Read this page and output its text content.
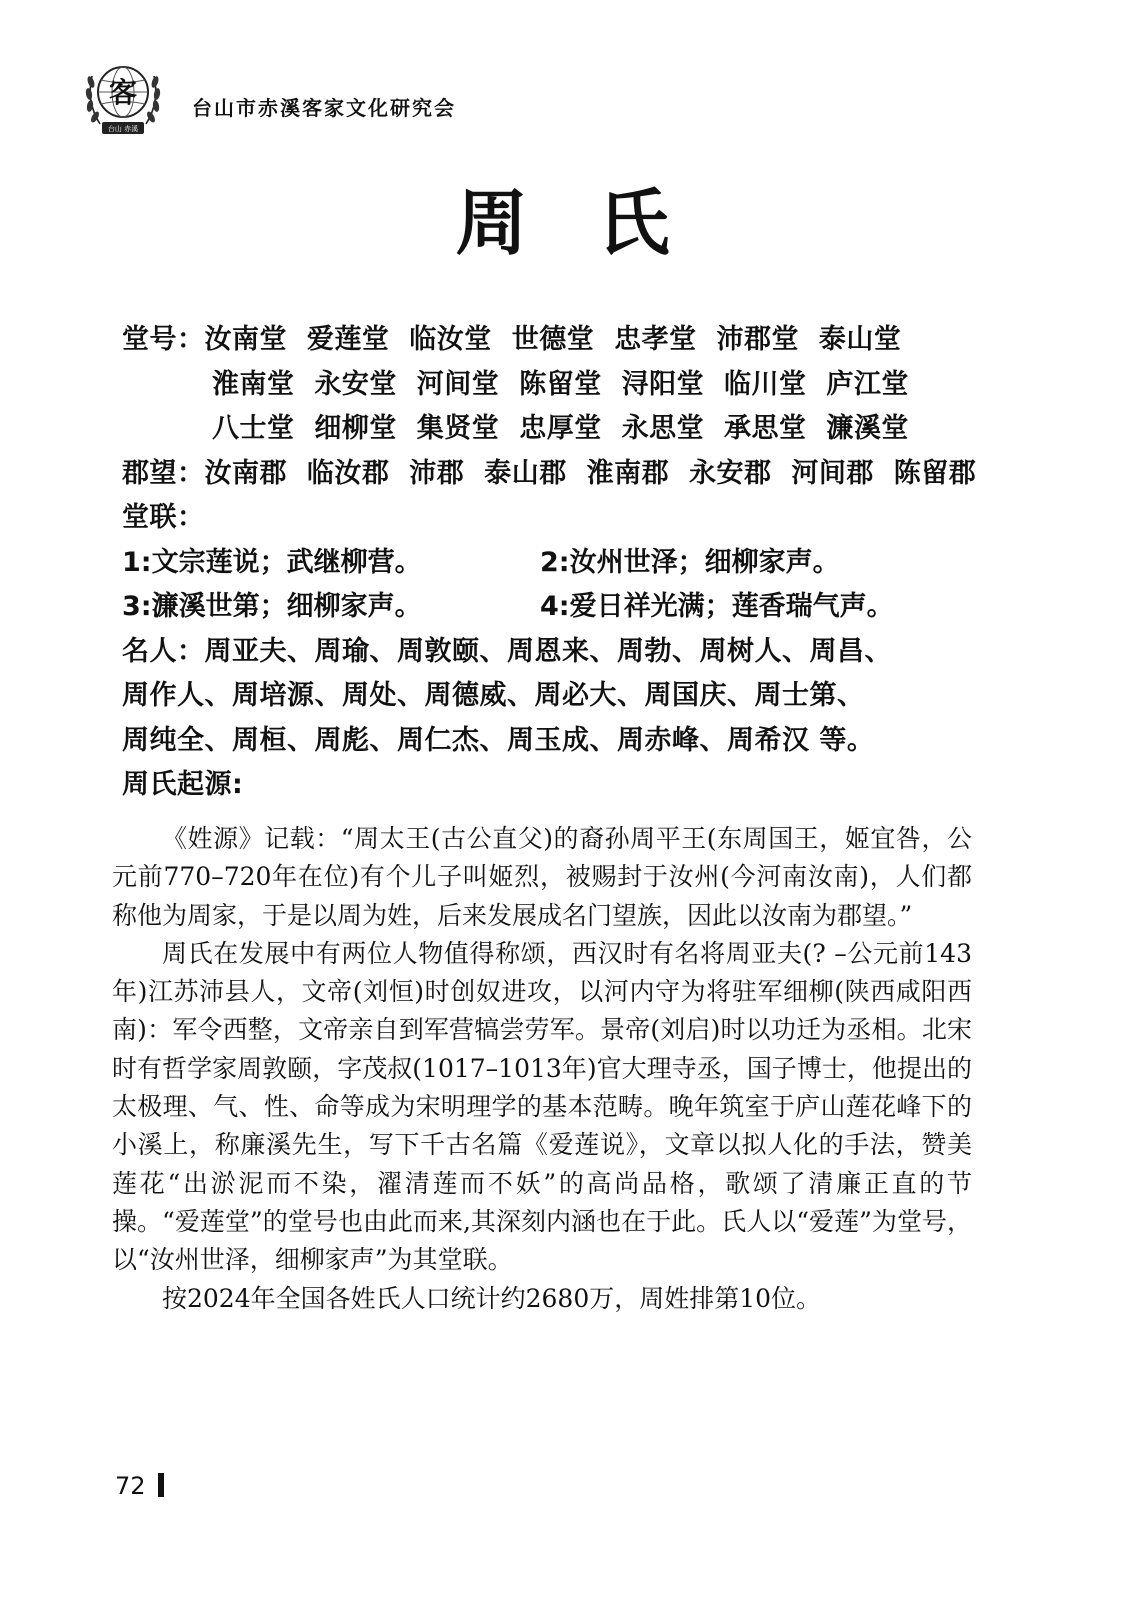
客
台山 赤溪
台山市赤溪客家文化研究会
周氏
堂号：汝南堂 爱莲堂 临汝堂 世德堂 忠孝堂 沛郡堂 泰山堂
淮南堂 永安堂 河间堂 陈留堂 浔阳堂 临川堂 庐江堂
八士堂 细柳堂 集贤堂 忠厚堂 永思堂 承思堂 濂溪堂
郡望：汝南郡 临汝郡 沛郡 泰山郡 淮南郡 永安郡 河间郡 陈留郡
堂联：
1:文宗莲说；武继柳营。	2:汝州世泽；细柳家声。
3:濂溪世第；细柳家声。	4:爱日祥光满；莲香瑞气声。
名人：周亚夫、周瑜、周敦颐、周恩来、周勃、周树人、周昌、
周作人、周培源、周处、周德威、周必大、周国庆、周士第、
周纯全、周桓、周彪、周仁杰、周玉成、周赤峰、周希汉 等。
周氏起源:

《姓源》记载：“周太王(古公直父)的裔孙周平王(东周国王，姬宜咎，公元前770–720年在位)有个儿子叫姬烈，被赐封于汝州(今河南汝南)，人们都称他为周家，于是以周为姓，后来发展成名门望族，因此以汝南为郡望。”

周氏在发展中有两位人物值得称颂，西汉时有名将周亚夫(? –公元前143年)江苏沛县人，文帝(刘恒)时创奴进攻，以河内守为将驻军细柳(陕西咸阳西南)：军令西整，文帝亲自到军营犒尝劳军。景帝(刘启)时以功迁为丞相。北宋时有哲学家周敦颐，字茂叔(1017–1013年)官大理寺丞，国子博士，他提出的太极理、气、性、命等成为宋明理学的基本范畴。晚年筑室于庐山莲花峰下的小溪上，称廉溪先生，写下千古名篇《爱莲说》，文章以拟人化的手法，赞美莲花“出淤泥而不染，濯清莲而不妖”的高尚品格，歌颂了清廉正直的节操。“爱莲堂”的堂号也由此而来,其深刻内涵也在于此。氏人以“爱莲”为堂号，以“汝州世泽，细柳家声”为其堂联。

按2024年全国各姓氏人口统计约2680万，周姓排第10位。

72
